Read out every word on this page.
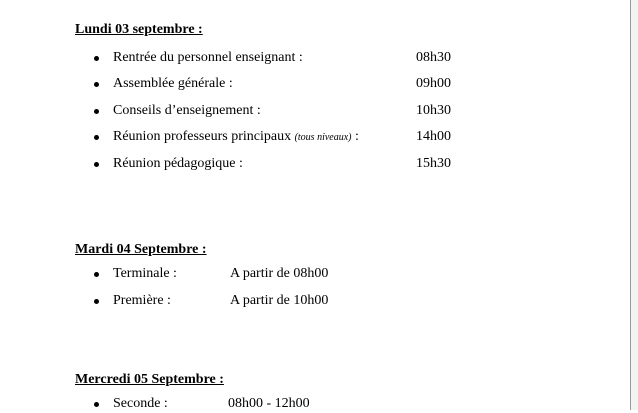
Lundi 03 septembre :
Rentrée du personnel enseignant :	08h30
Assemblée générale :	09h00
Conseils d’enseignement :	10h30
Réunion professeurs principaux (tous niveaux) :	14h00
Réunion pédagogique :	15h30
Mardi 04 Septembre :
Terminale :	A partir de 08h00
Première :	A partir de 10h00
Mercredi 05 Septembre :
Seconde :	08h00 - 12h00
